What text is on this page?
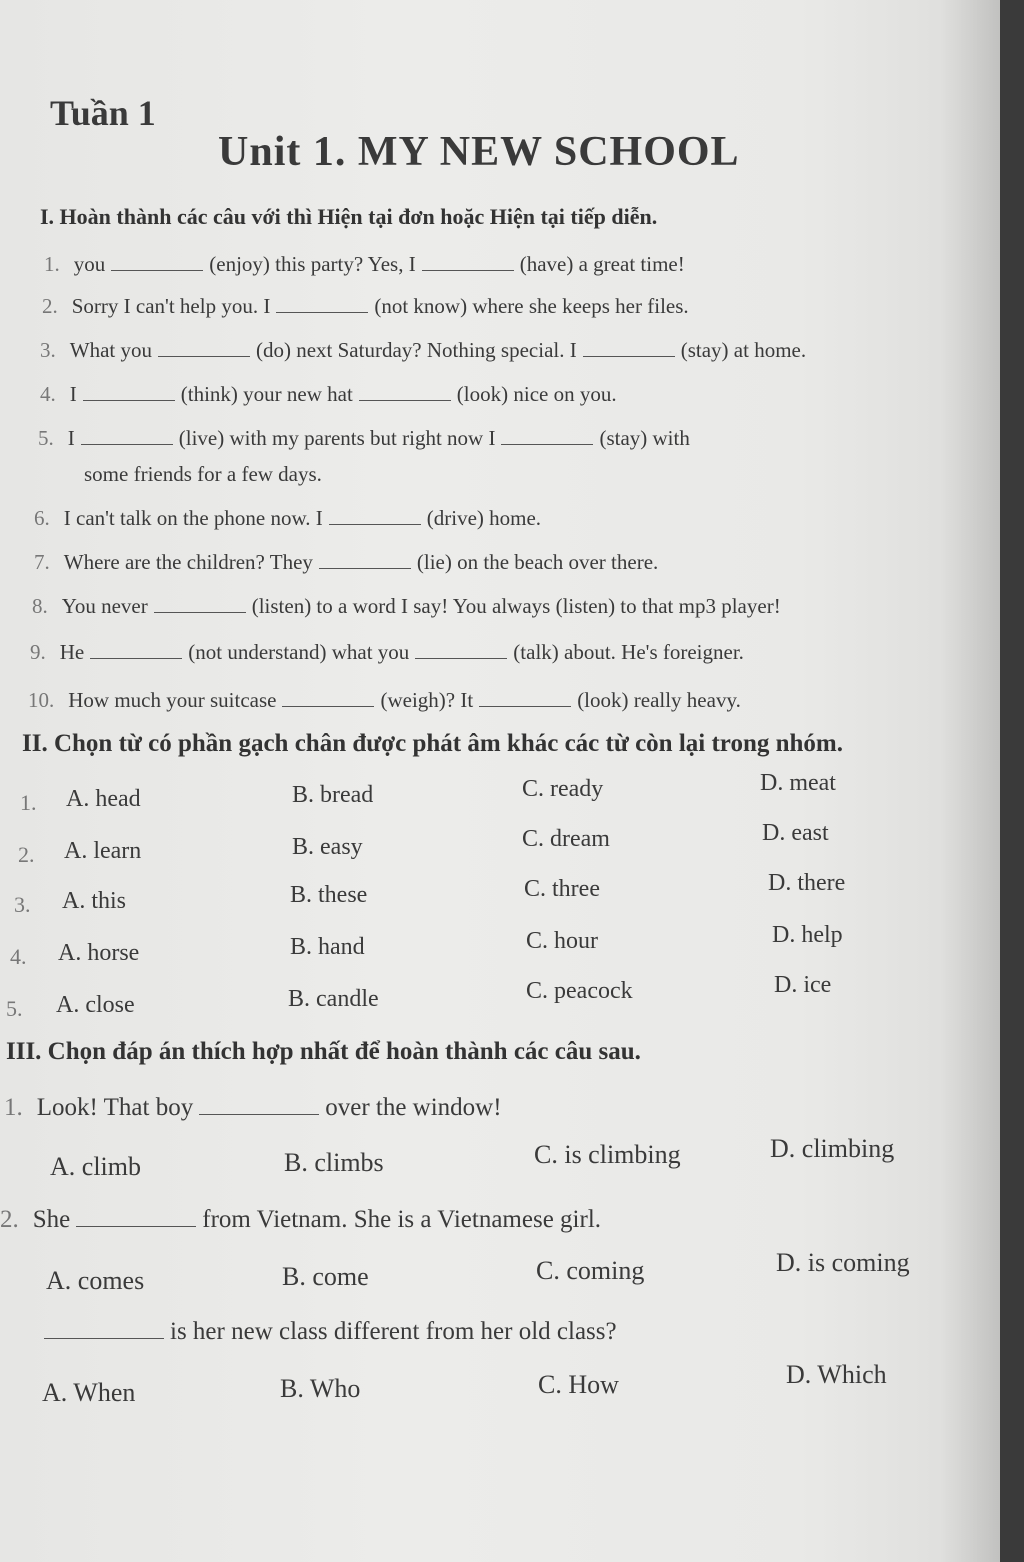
Tuần 1
Unit 1. MY NEW SCHOOL
I. Hoàn thành các câu với thì Hiện tại đơn hoặc Hiện tại tiếp diễn.
1. you	(enjoy) this party? Yes, I	(have) a great time!
2. Sorry I can't help you. I	(not know) where she keeps her files.
3. What you	(do) next Saturday? Nothing special. I	(stay) at home.
4. I	(think) your new hat	(look) nice on you.
5. I	(live) with my parents but right now I	(stay) with
some friends for a few days.
6. I can't talk on the phone now. I	(drive) home.
7. Where are the children? They	(lie) on the beach over there.
8. You never	(listen) to a word I say! You always (listen) to that mp3 player!
9. He	(not understand) what you	(talk) about. He's foreigner.
10. How much your suitcase	(weigh)? It	(look) really heavy.
II. Chọn từ có phần gạch chân được phát âm khác các từ còn lại trong nhóm.
1. A. head	B. bread	C. ready	D. meat
2. A. learn	B. easy	C. dream	D. east
3. A. this	B. these	C. three	D. there
4. A. horse	B. hand	C. hour	D. help
5. A. close	B. candle	C. peacock	D. ice
III. Chọn đáp án thích hợp nhất để hoàn thành các câu sau.
1. Look! That boy	over the window!
A. climb	B. climbs	C. is climbing	D. climbing
2. She	from Vietnam. She is a Vietnamese girl.
A. comes	B. come	C. coming	D. is coming
is her new class different from her old class?
A. When	B. Who	C. How	D. Which
